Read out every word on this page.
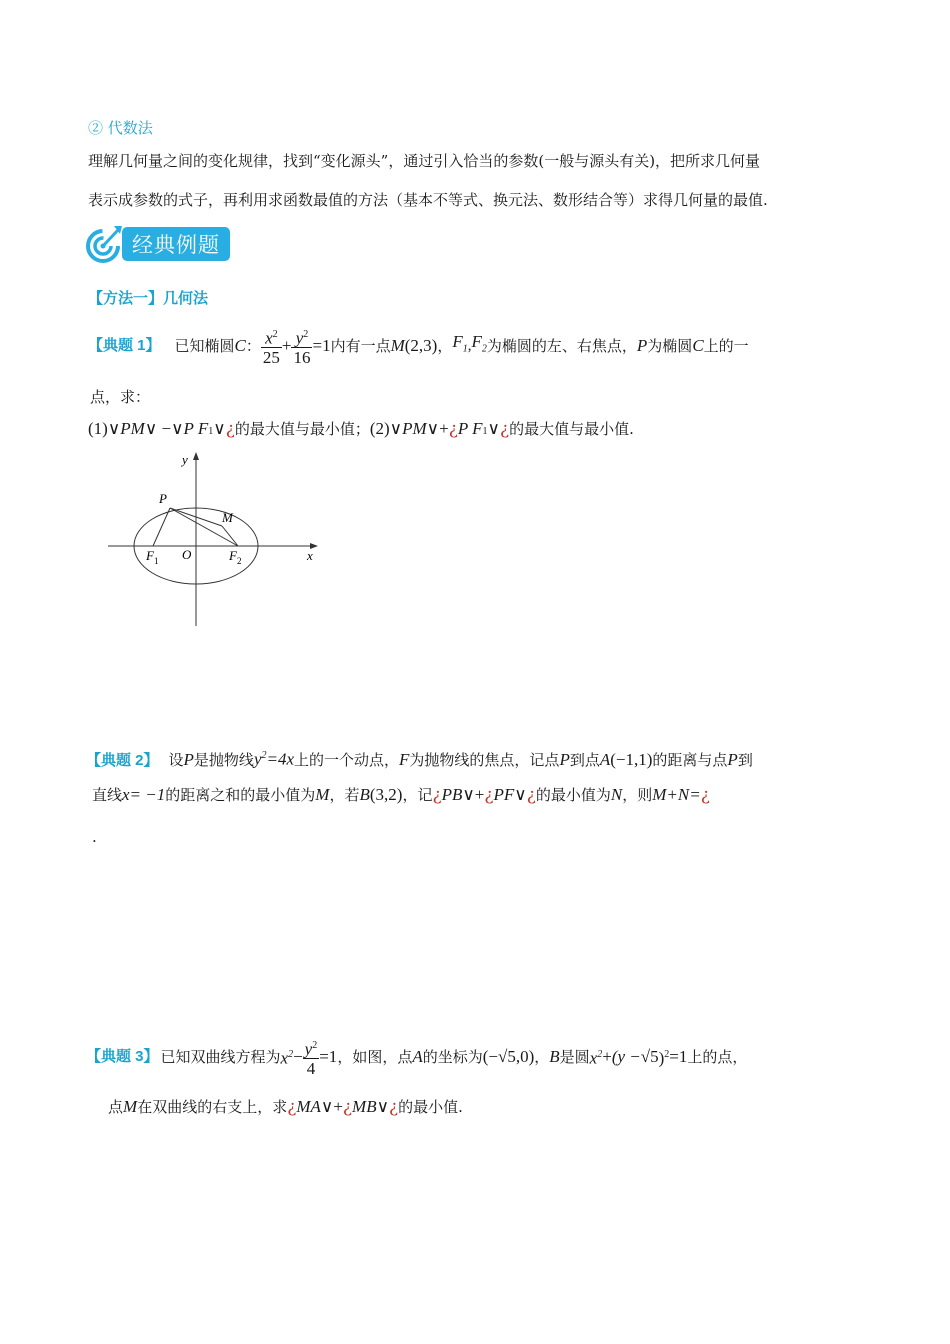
② 代数法
理解几何量之间的变化规律，找到“变化源头”，通过引入恰当的参数(一般与源头有关)，把所求几何量
表示成参数的式子，再利用求函数最值的方法（基本不等式、换元法、数形结合等）求得几何量的最值.
经典例题
【方法一】几何法
【典题 1】 已知椭圆 C ： $\frac{x^2}{25} + \frac{y^2}{16} =1$ 内有一点 M (2,3) ， $F_1$ , $F_2$ 为椭圆的左、右焦点， P 为椭圆 C 上的一
点，求：
(1)∨ PM ∨ −∨ P $F_1$ ∨ ¿ 的最大值与最小值； (2)∨ PM ∨+ ¿ P $F_1$ ∨ ¿ 的最大值与最小值.
y
x
P
M
O
F 1	F 2
【典题 2】 设 P 是抛物线 $y^2=4x$ 上的一个动点， F 为抛物线的焦点，记点 P 到点 A (−1,1) 的距离与点 P 到
直线 x= −1 的距离之和的最小值为 M ，若 B (3,2) ，记 ¿ PB ∨+ ¿ PF ∨ ¿ 的最小值为 N ，则 M+N= ¿
.
【典题 3】 已知双曲线方程为 $x^2 - \frac{y^2}{4} =1$ ，如图，点 A 的坐标为 (− √5 ,0) ， B 是圆 $x^2 + (y - √5$ )$^2$ =1 上的点，
点 M 在双曲线的右支上，求 ¿ MA ∨+ ¿ MB ∨ ¿ 的最小值.
